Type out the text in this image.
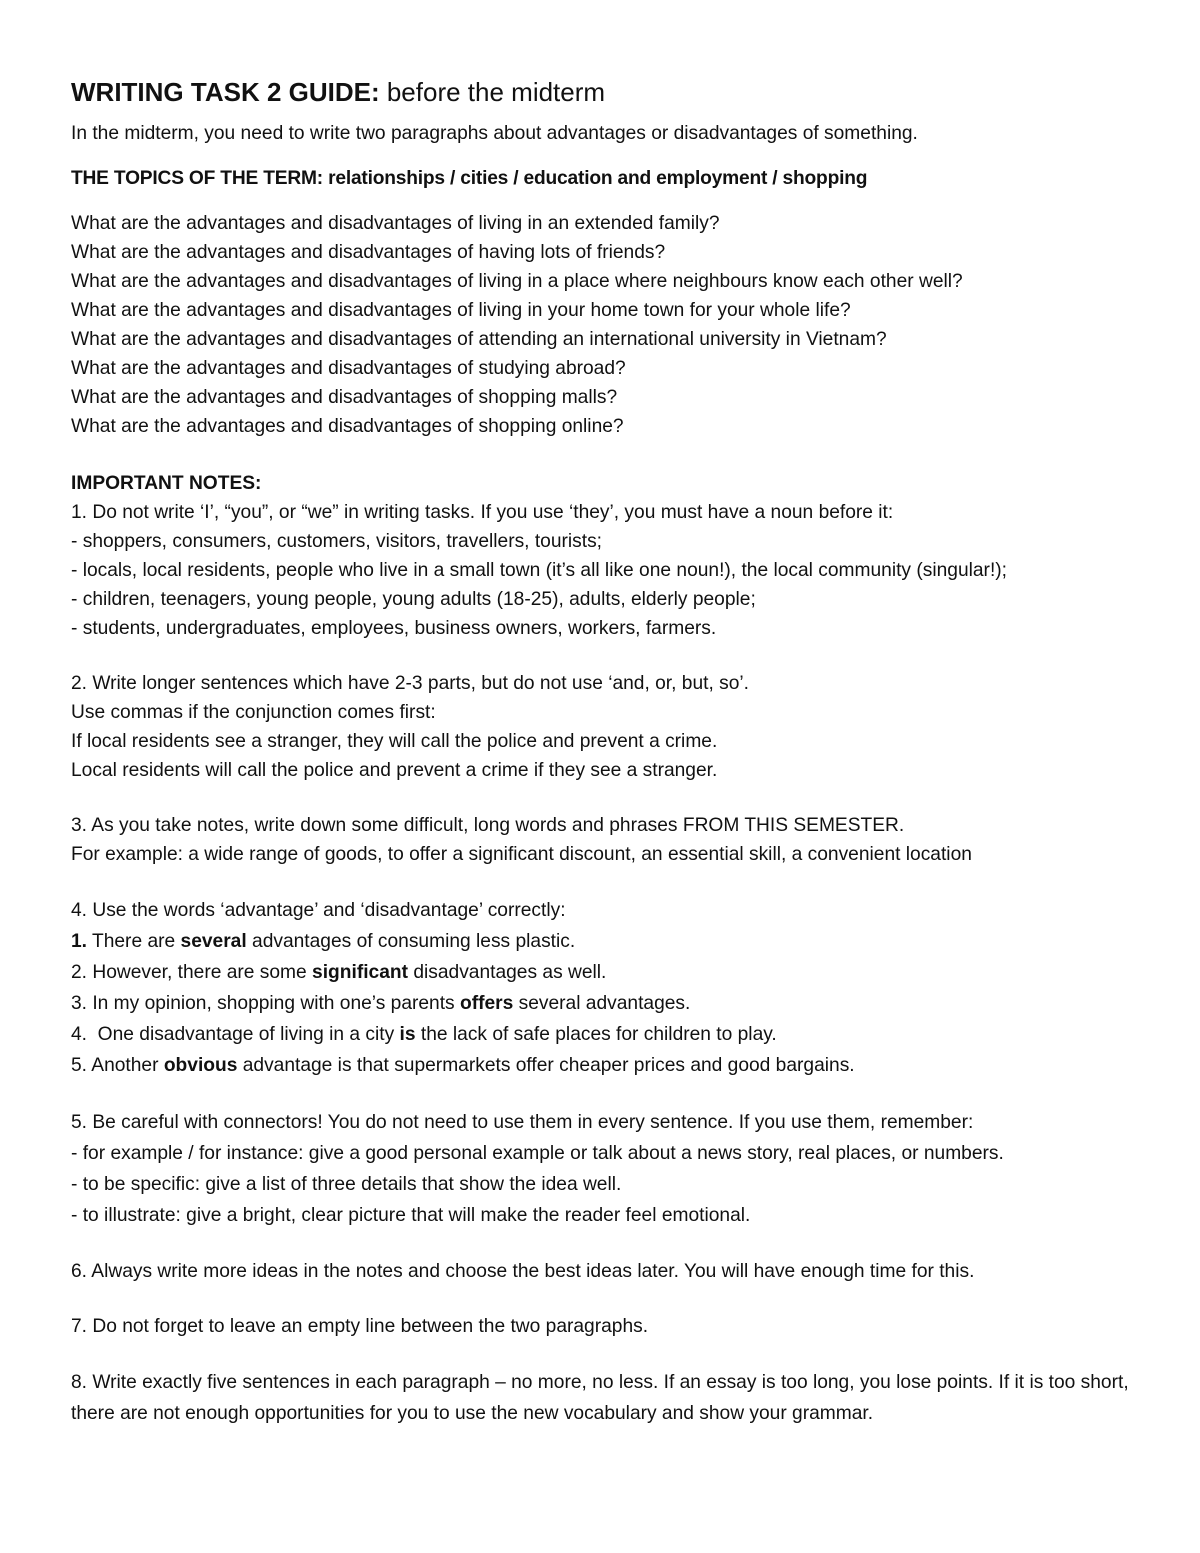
WRITING TASK 2 GUIDE: before the midterm

In the midterm, you need to write two paragraphs about advantages or disadvantages of something.

THE TOPICS OF THE TERM: relationships / cities / education and employment / shopping

What are the advantages and disadvantages of living in an extended family?

What are the advantages and disadvantages of having lots of friends?

What are the advantages and disadvantages of living in a place where neighbours know each other well?

What are the advantages and disadvantages of living in your home town for your whole life?

What are the advantages and disadvantages of attending an international university in Vietnam?

What are the advantages and disadvantages of studying abroad?

What are the advantages and disadvantages of shopping malls?

What are the advantages and disadvantages of shopping online?

IMPORTANT NOTES:

1. Do not write ‘I’, “you”, or “we” in writing tasks. If you use ‘they’, you must have a noun before it:

- shoppers, consumers, customers, visitors, travellers, tourists;

- locals, local residents, people who live in a small town (it’s all like one noun!), the local community (singular!);

- children, teenagers, young people, young adults (18-25), adults, elderly people;

- students, undergraduates, employees, business owners, workers, farmers.

2. Write longer sentences which have 2-3 parts, but do not use ‘and, or, but, so’.

Use commas if the conjunction comes first:

If local residents see a stranger, they will call the police and prevent a crime.

Local residents will call the police and prevent a crime if they see a stranger.

3. As you take notes, write down some difficult, long words and phrases FROM THIS SEMESTER.

For example: a wide range of goods, to offer a significant discount, an essential skill, a convenient location

4. Use the words ‘advantage’ and ‘disadvantage’ correctly:

1. There are several advantages of consuming less plastic.

2. However, there are some significant disadvantages as well.

3. In my opinion, shopping with one’s parents offers several advantages.

4.  One disadvantage of living in a city is the lack of safe places for children to play.

5. Another obvious advantage is that supermarkets offer cheaper prices and good bargains.

5. Be careful with connectors! You do not need to use them in every sentence. If you use them, remember:

- for example / for instance: give a good personal example or talk about a news story, real places, or numbers.

- to be specific: give a list of three details that show the idea well.

- to illustrate: give a bright, clear picture that will make the reader feel emotional.

6. Always write more ideas in the notes and choose the best ideas later. You will have enough time for this.

7. Do not forget to leave an empty line between the two paragraphs.

8. Write exactly five sentences in each paragraph – no more, no less. If an essay is too long, you lose points. If it is too short, there are not enough opportunities for you to use the new vocabulary and show your grammar.
